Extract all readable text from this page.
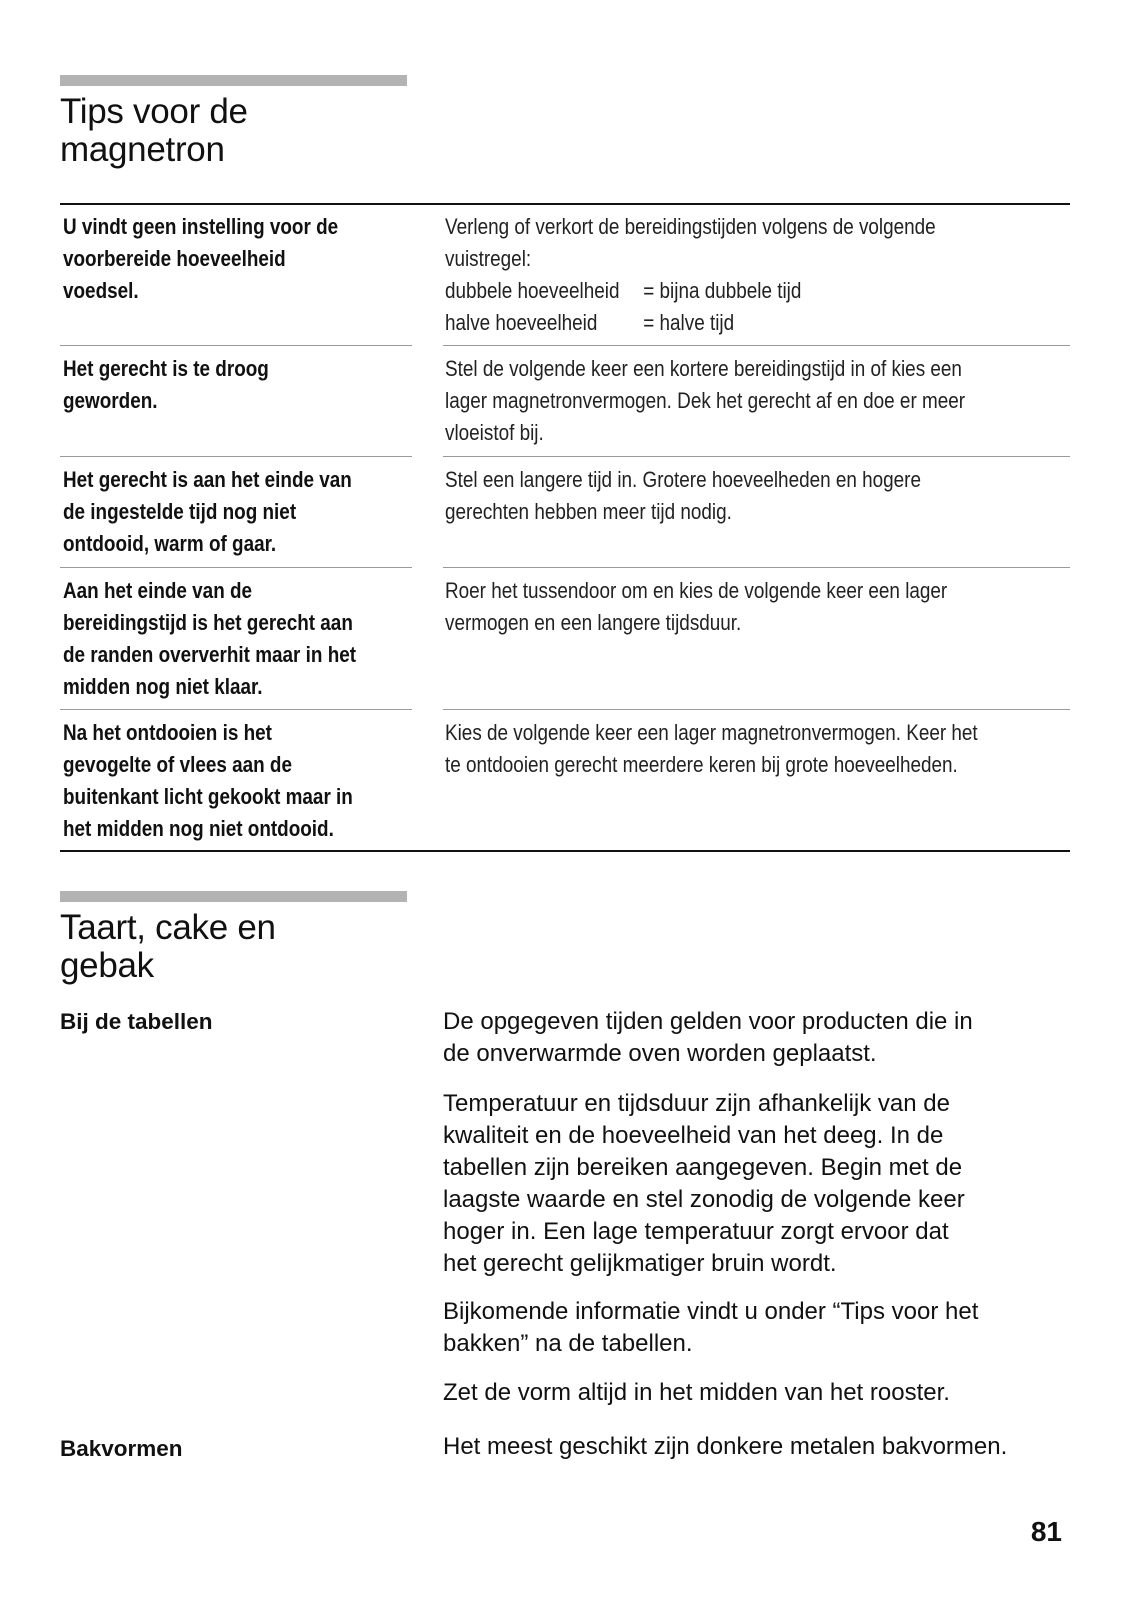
Tips voor de
magnetron
U vindt geen instelling voor de
voorbereide hoeveelheid
voedsel.
Verleng of verkort de bereidingstijden volgens de volgende
vuistregel:
dubbele hoeveelheid = bijna dubbele tijd
halve hoeveelheid = halve tijd
Het gerecht is te droog
geworden.
Stel de volgende keer een kortere bereidingstijd in of kies een
lager magnetronvermogen. Dek het gerecht af en doe er meer
vloeistof bij.
Het gerecht is aan het einde van
de ingestelde tijd nog niet
ontdooid, warm of gaar.
Stel een langere tijd in. Grotere hoeveelheden en hogere
gerechten hebben meer tijd nodig.
Aan het einde van de
bereidingstijd is het gerecht aan
de randen oververhit maar in het
midden nog niet klaar.
Roer het tussendoor om en kies de volgende keer een lager
vermogen en een langere tijdsduur.
Na het ontdooien is het
gevogelte of vlees aan de
buitenkant licht gekookt maar in
het midden nog niet ontdooid.
Kies de volgende keer een lager magnetronvermogen. Keer het
te ontdooien gerecht meerdere keren bij grote hoeveelheden.
Taart, cake en
gebak
Bij de tabellen	De opgegeven tijden gelden voor producten die in
de onverwarmde oven worden geplaatst.

Temperatuur en tijdsduur zijn afhankelijk van de
kwaliteit en de hoeveelheid van het deeg. In de
tabellen zijn bereiken aangegeven. Begin met de
laagste waarde en stel zonodig de volgende keer
hoger in. Een lage temperatuur zorgt ervoor dat
het gerecht gelijkmatiger bruin wordt.

Bijkomende informatie vindt u onder “Tips voor het
bakken” na de tabellen.

Zet de vorm altijd in het midden van het rooster.

Bakvormen	Het meest geschikt zijn donkere metalen bakvormen.

81
